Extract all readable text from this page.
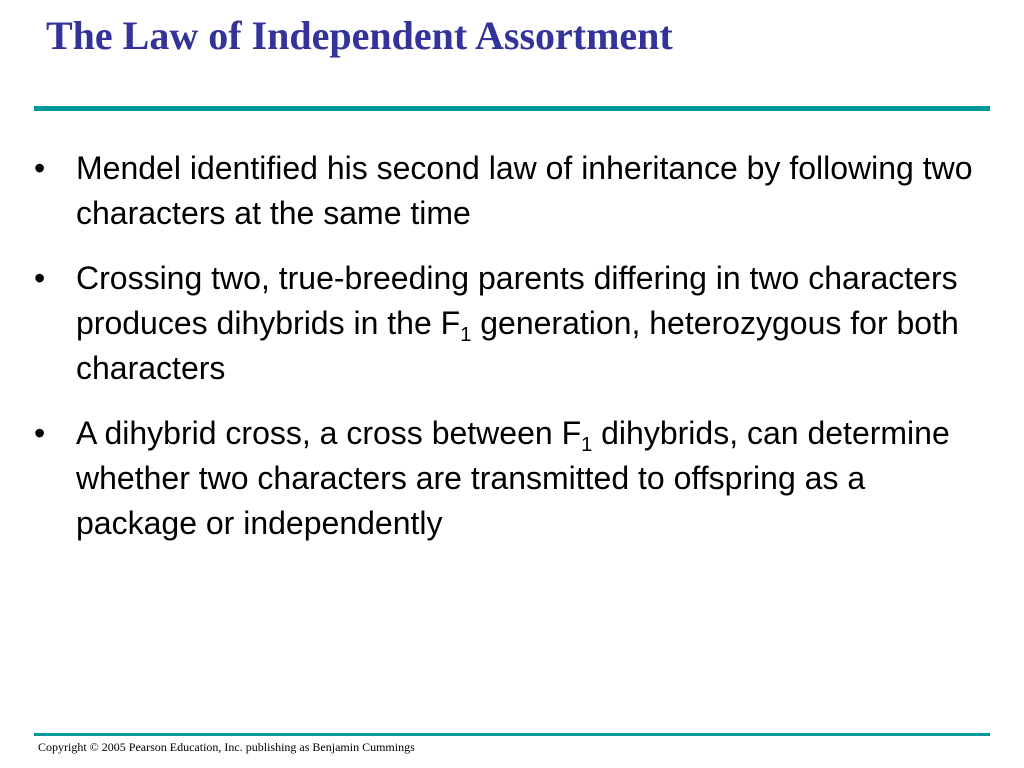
The Law of Independent Assortment
• Mendel identified his second law of inheritance by following two characters at the same time
• Crossing two, true-breeding parents differing in two characters produces dihybrids in the $F_1$ generation, heterozygous for both characters
• A dihybrid cross, a cross between $F_1$ dihybrids, can determine whether two characters are transmitted to offspring as a package or independently

Copyright © 2005 Pearson Education, Inc. publishing as Benjamin Cummings
